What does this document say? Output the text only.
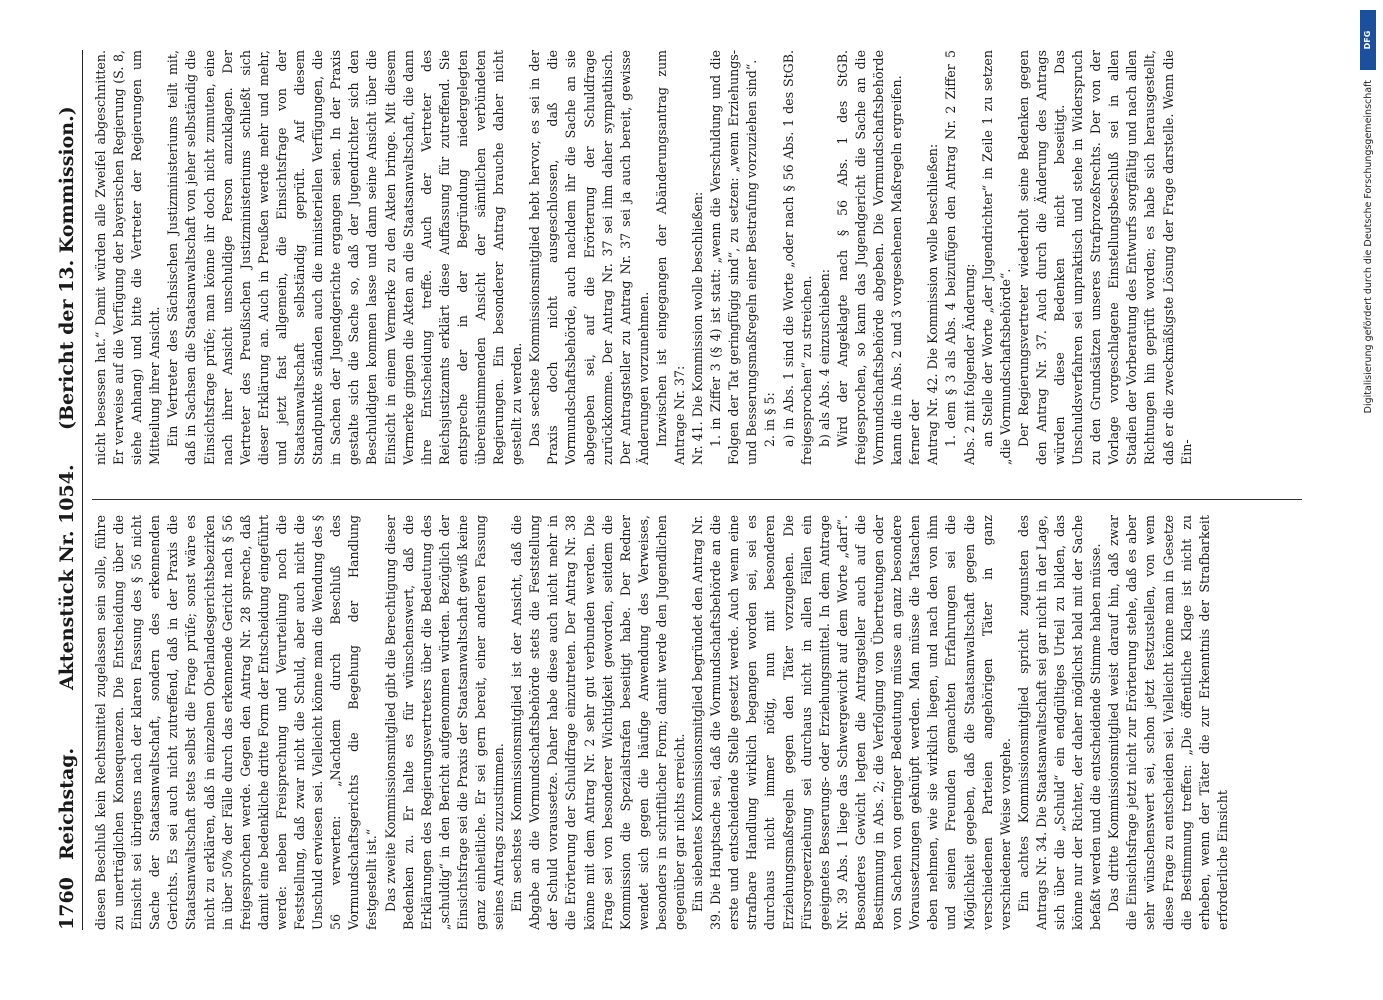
1760
Reichstag.
Aktenstück Nr. 1054.
(Bericht der 13. Kommission.)

diesen Beschluß kein Rechtsmittel zugelassen sein solle, führe zu unerträglichen Konsequenzen. Die Entscheidung über die Einsicht sei übrigens nach der klaren Fassung des § 56 nicht Sache der Staatsanwaltschaft, sondern des erkennenden Gerichts. Es sei auch nicht zutreffend, daß in der Praxis die Staatsanwaltschaft stets selbst die Frage prüfe; sonst wäre es nicht zu erklären, daß in einzelnen Oberlandesgerichtsbezirken in über 50% der Fälle durch das erkennende Gericht nach § 56 freigesprochen werde. Gegen den Antrag Nr. 28 spreche, daß damit eine bedenkliche dritte Form der Entscheidung eingeführt werde: neben Freisprechung und Verurteilung noch die Feststellung, daß zwar nicht die Schuld, aber auch nicht die Unschuld erwiesen sei. Vielleicht könne man die Wendung des § 56 verwerten: „Nachdem durch Beschluß des Vormundschaftsgerichts die Begehung der Handlung festgestellt ist.“ Das zweite Kommissionsmitglied gibt die Berechtigung dieser Bedenken zu. Er halte es für wünschenswert, daß die Erklärungen des Regierungsvertreters über die Bedeutung des „schuldig“ in den Bericht aufgenommen würden. Bezüglich der Einsichtsfrage sei die Praxis der Staatsanwaltschaft gewiß keine ganz einheitliche. Er sei gern bereit, einer anderen Fassung seines Antrags zuzustimmen. Ein sechstes Kommissionsmitglied ist der Ansicht, daß die Abgabe an die Vormundschaftsbehörde stets die Feststellung der Schuld voraussetze. Daher habe diese auch nicht mehr in die Erörterung der Schuldfrage einzutreten. Der Antrag Nr. 38 könne mit dem Antrag Nr. 2 sehr gut verbunden werden. Die Frage sei von besonderer Wichtigkeit geworden, seitdem die Kommission die Spezialstrafen beseitigt habe. Der Redner wendet sich gegen die häufige Anwendung des Verweises, besonders in schriftlicher Form; damit werde den Jugendlichen gegenüber gar nichts erreicht. Ein siebentes Kommissionsmitglied begründet den Antrag Nr. 39. Die Hauptsache sei, daß die Vormundschaftsbehörde an die erste und entscheidende Stelle gesetzt werde. Auch wenn eine strafbare Handlung wirklich begangen worden sei, sei es durchaus nicht immer nötig, nun mit besonderen Erziehungsmaßregeln gegen den Täter vorzugehen. Die Fürsorgeerziehung sei durchaus nicht in allen Fällen ein geeignetes Besserungs- oder Erziehungsmittel. In dem Antrage Nr. 39 Abs. 1 liege das Schwergewicht auf dem Worte „darf“. Besonderes Gewicht legten die Antragsteller auch auf die Bestimmung in Abs. 2; die Verfolgung von Übertretungen oder von Sachen von geringer Bedeutung müsse an ganz besondere Voraussetzungen geknüpft werden. Man müsse die Tatsachen eben nehmen, wie sie wirklich liegen, und nach den von ihm und seinen Freunden gemachten Erfahrungen sei die Möglichkeit gegeben, daß die Staatsanwaltschaft gegen die verschiedenen Parteien angehörigen Täter in ganz verschiedener Weise vorgehe. Ein achtes Kommissionsmitglied spricht zugunsten des Antrags Nr. 34. Die Staatsanwaltschaft sei gar nicht in der Lage, sich über die „Schuld“ ein endgültiges Urteil zu bilden, das könne nur der Richter, der daher möglichst bald mit der Sache befaßt werden und die entscheidende Stimme haben müsse. Das dritte Kommissionsmitglied weist darauf hin, daß zwar die Einsichtsfrage jetzt nicht zur Erörterung stehe, daß es aber sehr wünschenswert sei, schon jetzt festzustellen, von wem diese Frage zu entscheiden sei. Vielleicht könne man in Gesetze die Bestimmung treffen: „Die öffentliche Klage ist nicht zu erheben, wenn der Täter die zur Erkenntnis der Strafbarkeit erforderliche Einsicht

nicht besessen hat.“ Damit würden alle Zweifel abgeschnitten. Er verweise auf die Verfügung der bayerischen Regierung (S. 8, siehe Anhang) und bitte die Vertreter der Regierungen um Mitteilung ihrer Ansicht. Ein Vertreter des Sächsischen Justizministeriums teilt mit, daß in Sachsen die Staatsanwaltschaft von jeher selbständig die Einsichtsfrage prüfe; man könne ihr doch nicht zumuten, eine nach ihrer Ansicht unschuldige Person anzuklagen. Der Vertreter des Preußischen Justizministeriums schließt sich dieser Erklärung an. Auch in Preußen werde mehr und mehr, und jetzt fast allgemein, die Einsichtsfrage von der Staatsanwaltschaft selbständig geprüft. Auf diesem Standpunkte ständen auch die ministeriellen Verfügungen, die in Sachen der Jugendgerichte ergangen seien. In der Praxis gestalte sich die Sache so, daß der Jugendrichter sich den Beschuldigten kommen lasse und dann seine Ansicht über die Einsicht in einem Vermerke zu den Akten bringe. Mit diesem Vermerke gingen die Akten an die Staatsanwaltschaft, die dann ihre Entscheidung treffe. Auch der Vertreter des Reichsjustizamts erklärt diese Auffassung für zutreffend. Sie entspreche der in der Begründung niedergelegten übereinstimmenden Ansicht der sämtlichen verbündeten Regierungen. Ein besonderer Antrag brauche daher nicht gestellt zu werden. Das sechste Kommissionsmitglied hebt hervor, es sei in der Praxis doch nicht ausgeschlossen, daß die Vormundschaftsbehörde, auch nachdem ihr die Sache an sie abgegeben sei, auf die Erörterung der Schuldfrage zurückkomme. Der Antrag Nr. 37 sei ihm daher sympathisch. Der Antragsteller zu Antrag Nr. 37 sei ja auch bereit, gewisse Änderungen vorzunehmen. Inzwischen ist eingegangen der Abänderungsantrag zum Antrage Nr. 37: Nr. 41. Die Kommission wolle beschließen: 1. in Ziffer 3 (§ 4) ist statt: „wenn die Verschuldung und die Folgen der Tat geringfügig sind“, zu setzen: „wenn Erziehungs- und Besserungsmaßregeln einer Bestrafung vorzuziehen sind“. 2. in § 5: a) in Abs. 1 sind die Worte „oder nach § 56 Abs. 1 des StGB. freigesprochen“ zu streichen. b) als Abs. 4 einzuschieben: Wird der Angeklagte nach § 56 Abs. 1 des StGB. freigesprochen, so kann das Jugendgericht die Sache an die Vormundschaftsbehörde abgeben. Die Vormundschaftsbehörde kann die in Abs. 2 und 3 vorgesehenen Maßregeln ergreifen. ferner der Antrag Nr. 42. Die Kommission wolle beschließen: 1. dem § 3 als Abs. 4 beizufügen den Antrag Nr. 2 Ziffer 5 Abs. 2 mit folgender Änderung: an Stelle der Worte „der Jugendrichter“ in Zeile 1 zu setzen „die Vormundschaftsbehörde“. Der Regierungsvertreter wiederholt seine Bedenken gegen den Antrag Nr. 37. Auch durch die Änderung des Antrags würden diese Bedenken nicht beseitigt. Das Unschuldsverfahren sei unpraktisch und stehe in Widerspruch zu den Grundsätzen unseres Strafprozeßrechts. Der von der Vorlage vorgeschlagene Einstellungsbeschluß sei in allen Stadien der Vorberatung des Entwurfs sorgfältig und nach allen Richtungen hin geprüft worden; es habe sich herausgestellt, daß er die zweckmäßigste Lösung der Frage darstelle. Wenn die Ein-

Digitalisierung gefördert durch die Deutsche Forschungsgemeinschaft
DFG
